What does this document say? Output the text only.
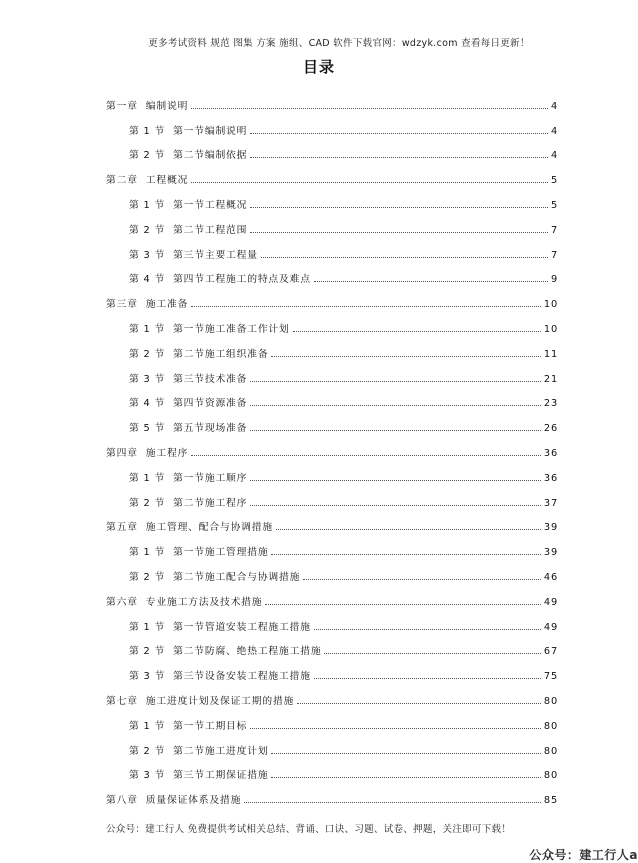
更多考试资料 规范 图集 方案 施组、CAD 软件下载官网：wdzyk.com 查看每日更新！
目录
第一章 编制说明	4
第 1 节 第一节编制说明	4
第 2 节 第二节编制依据	4
第二章 工程概况	5
第 1 节 第一节工程概况	5
第 2 节 第二节工程范围	7
第 3 节 第三节主要工程量	7
第 4 节 第四节工程施工的特点及难点	9
第三章 施工准备	10
第 1 节 第一节施工准备工作计划	10
第 2 节 第二节施工组织准备	11
第 3 节 第三节技术准备	21
第 4 节 第四节资源准备	23
第 5 节 第五节现场准备	26
第四章 施工程序	36
第 1 节 第一节施工顺序	36
第 2 节 第二节施工程序	37
第五章 施工管理、配合与协调措施	39
第 1 节 第一节施工管理措施	39
第 2 节 第二节施工配合与协调措施	46
第六章 专业施工方法及技术措施	49
第 1 节 第一节管道安装工程施工措施	49
第 2 节 第二节防腐、绝热工程施工措施	67
第 3 节 第三节设备安装工程施工措施	75
第七章 施工进度计划及保证工期的措施	80
第 1 节 第一节工期目标	80
第 2 节 第二节施工进度计划	80
第 3 节 第三节工期保证措施	80
第八章 质量保证体系及措施	85
公众号：建工行人 免费提供考试相关总结、背诵、口诀、习题、试卷、押题，关注即可下载！
公众号：建工行人a
